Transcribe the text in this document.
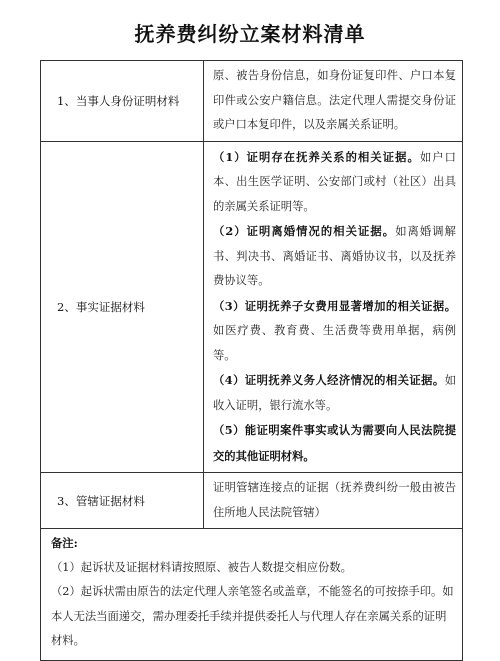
抚养费纠纷立案材料清单
1、当事人身份证明材料	原、被告身份信息，如身份证复印件、户口本复印件或公安户籍信息。法定代理人需提交身份证或户口本复印件，以及亲属关系证明。

2、事实证据材料	（1）证明存在抚养关系的相关证据。如户口本、出生医学证明、公安部门或村（社区）出具的亲属关系证明等。

（2）证明离婚情况的相关证据。如离婚调解书、判决书、离婚证书、离婚协议书，以及抚养费协议等。

（3）证明抚养子女费用显著增加的相关证据。如医疗费、教育费、生活费等费用单据，病例等。

（4）证明抚养义务人经济情况的相关证据。如收入证明，银行流水等。

（5）能证明案件事实或认为需要向人民法院提交的其他证明材料。

3、管辖证据材料	证明管辖连接点的证据（抚养费纠纷一般由被告住所地人民法院管辖）

备注:

（1）起诉状及证据材料请按照原、被告人数提交相应份数。

（2）起诉状需由原告的法定代理人亲笔签名或盖章，不能签名的可按捺手印。如本人无法当面递交，需办理委托手续并提供委托人与代理人存在亲属关系的证明材料。	
